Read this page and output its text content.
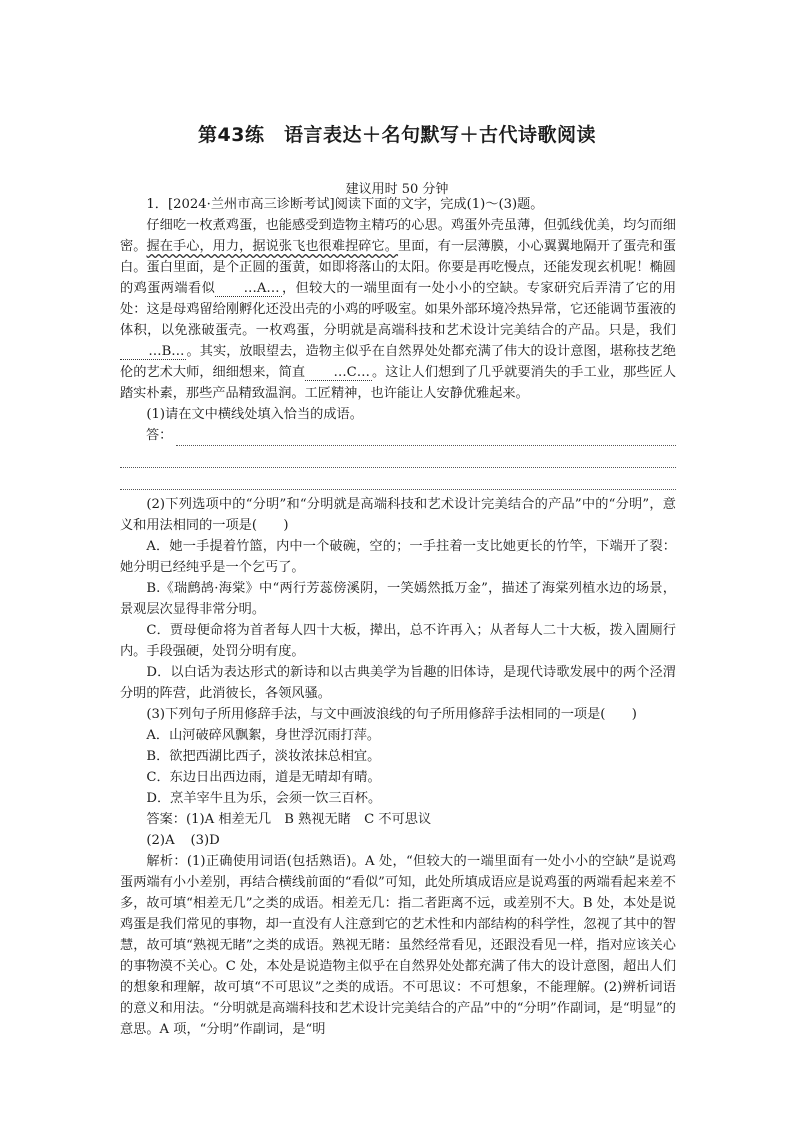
第43练　语言表达＋名句默写＋古代诗歌阅读
建议用时 50 分钟

1．[2024·兰州市高三诊断考试]阅读下面的文字，完成(1)～(3)题。

仔细吃一枚煮鸡蛋，也能感受到造物主精巧的心思。鸡蛋外壳虽薄，但弧线优美，均匀而细密。握在手心，用力，据说张飞也很难捏碎它。里面，有一层薄膜，小心翼翼地隔开了蛋壳和蛋白。蛋白里面，是个正圆的蛋黄，如即将落山的太阳。你要是再吃慢点，还能发现玄机呢！椭圆的鸡蛋两端看似 …A… ，但较大的一端里面有一处小小的空缺。专家研究后弄清了它的用处：这是母鸡留给刚孵化还没出壳的小鸡的呼吸室。如果外部环境冷热异常，它还能调节蛋液的体积，以免涨破蛋壳。一枚鸡蛋，分明就是高端科技和艺术设计完美结合的产品。只是，我们…B… 。其实，放眼望去，造物主似乎在自然界处处都充满了伟大的设计意图，堪称技艺绝伦的艺术大师，细细想来，简直 …C… 。这让人们想到了几乎就要消失的手工业，那些匠人踏实朴素，那些产品精致温润。工匠精神，也许能让人安静优雅起来。

(1)请在文中横线处填入恰当的成语。

答：

(2)下列选项中的“分明”和“分明就是高端科技和艺术设计完美结合的产品”中的“分明”，意义和用法相同的一项是(　　)

A．她一手提着竹篮，内中一个破碗，空的；一手拄着一支比她更长的竹竿，下端开了裂：她分明已经纯乎是一个乞丐了。

B.《瑞鹧鸪·海棠》中“两行芳蕊傍溪阴，一笑嫣然抵万金”，描述了海棠列植水边的场景，景观层次显得非常分明。

C．贾母便命将为首者每人四十大板，撵出，总不许再入；从者每人二十大板，拨入圊厕行内。手段强硬，处罚分明有度。

D．以白话为表达形式的新诗和以古典美学为旨趣的旧体诗，是现代诗歌发展中的两个泾渭分明的阵营，此消彼长，各领风骚。

(3)下列句子所用修辞手法，与文中画波浪线的句子所用修辞手法相同的一项是(　　)

A．山河破碎风飘絮，身世浮沉雨打萍。

B．欲把西湖比西子，淡妆浓抹总相宜。

C．东边日出西边雨，道是无晴却有晴。

D．烹羊宰牛且为乐，会须一饮三百杯。

答案：(1)A 相差无几　B 熟视无睹　C 不可思议

(2)A (3)D

解析：(1)正确使用词语(包括熟语)。A 处，“但较大的一端里面有一处小小的空缺”是说鸡蛋两端有小小差别，再结合横线前面的“看似”可知，此处所填成语应是说鸡蛋的两端看起来差不多，故可填“相差无几”之类的成语。相差无几：指二者距离不远，或差别不大。B 处，本处是说鸡蛋是我们常见的事物，却一直没有人注意到它的艺术性和内部结构的科学性，忽视了其中的智慧，故可填“熟视无睹”之类的成语。熟视无睹：虽然经常看见，还跟没看见一样，指对应该关心的事物漠不关心。C 处，本处是说造物主似乎在自然界处处都充满了伟大的设计意图，超出人们的想象和理解，故可填“不可思议”之类的成语。不可思议：不可想象，不能理解。(2)辨析词语的意义和用法。“分明就是高端科技和艺术设计完美结合的产品”中的“分明”作副词，是“明显”的意思。A 项，“分明”作副词，是“明
